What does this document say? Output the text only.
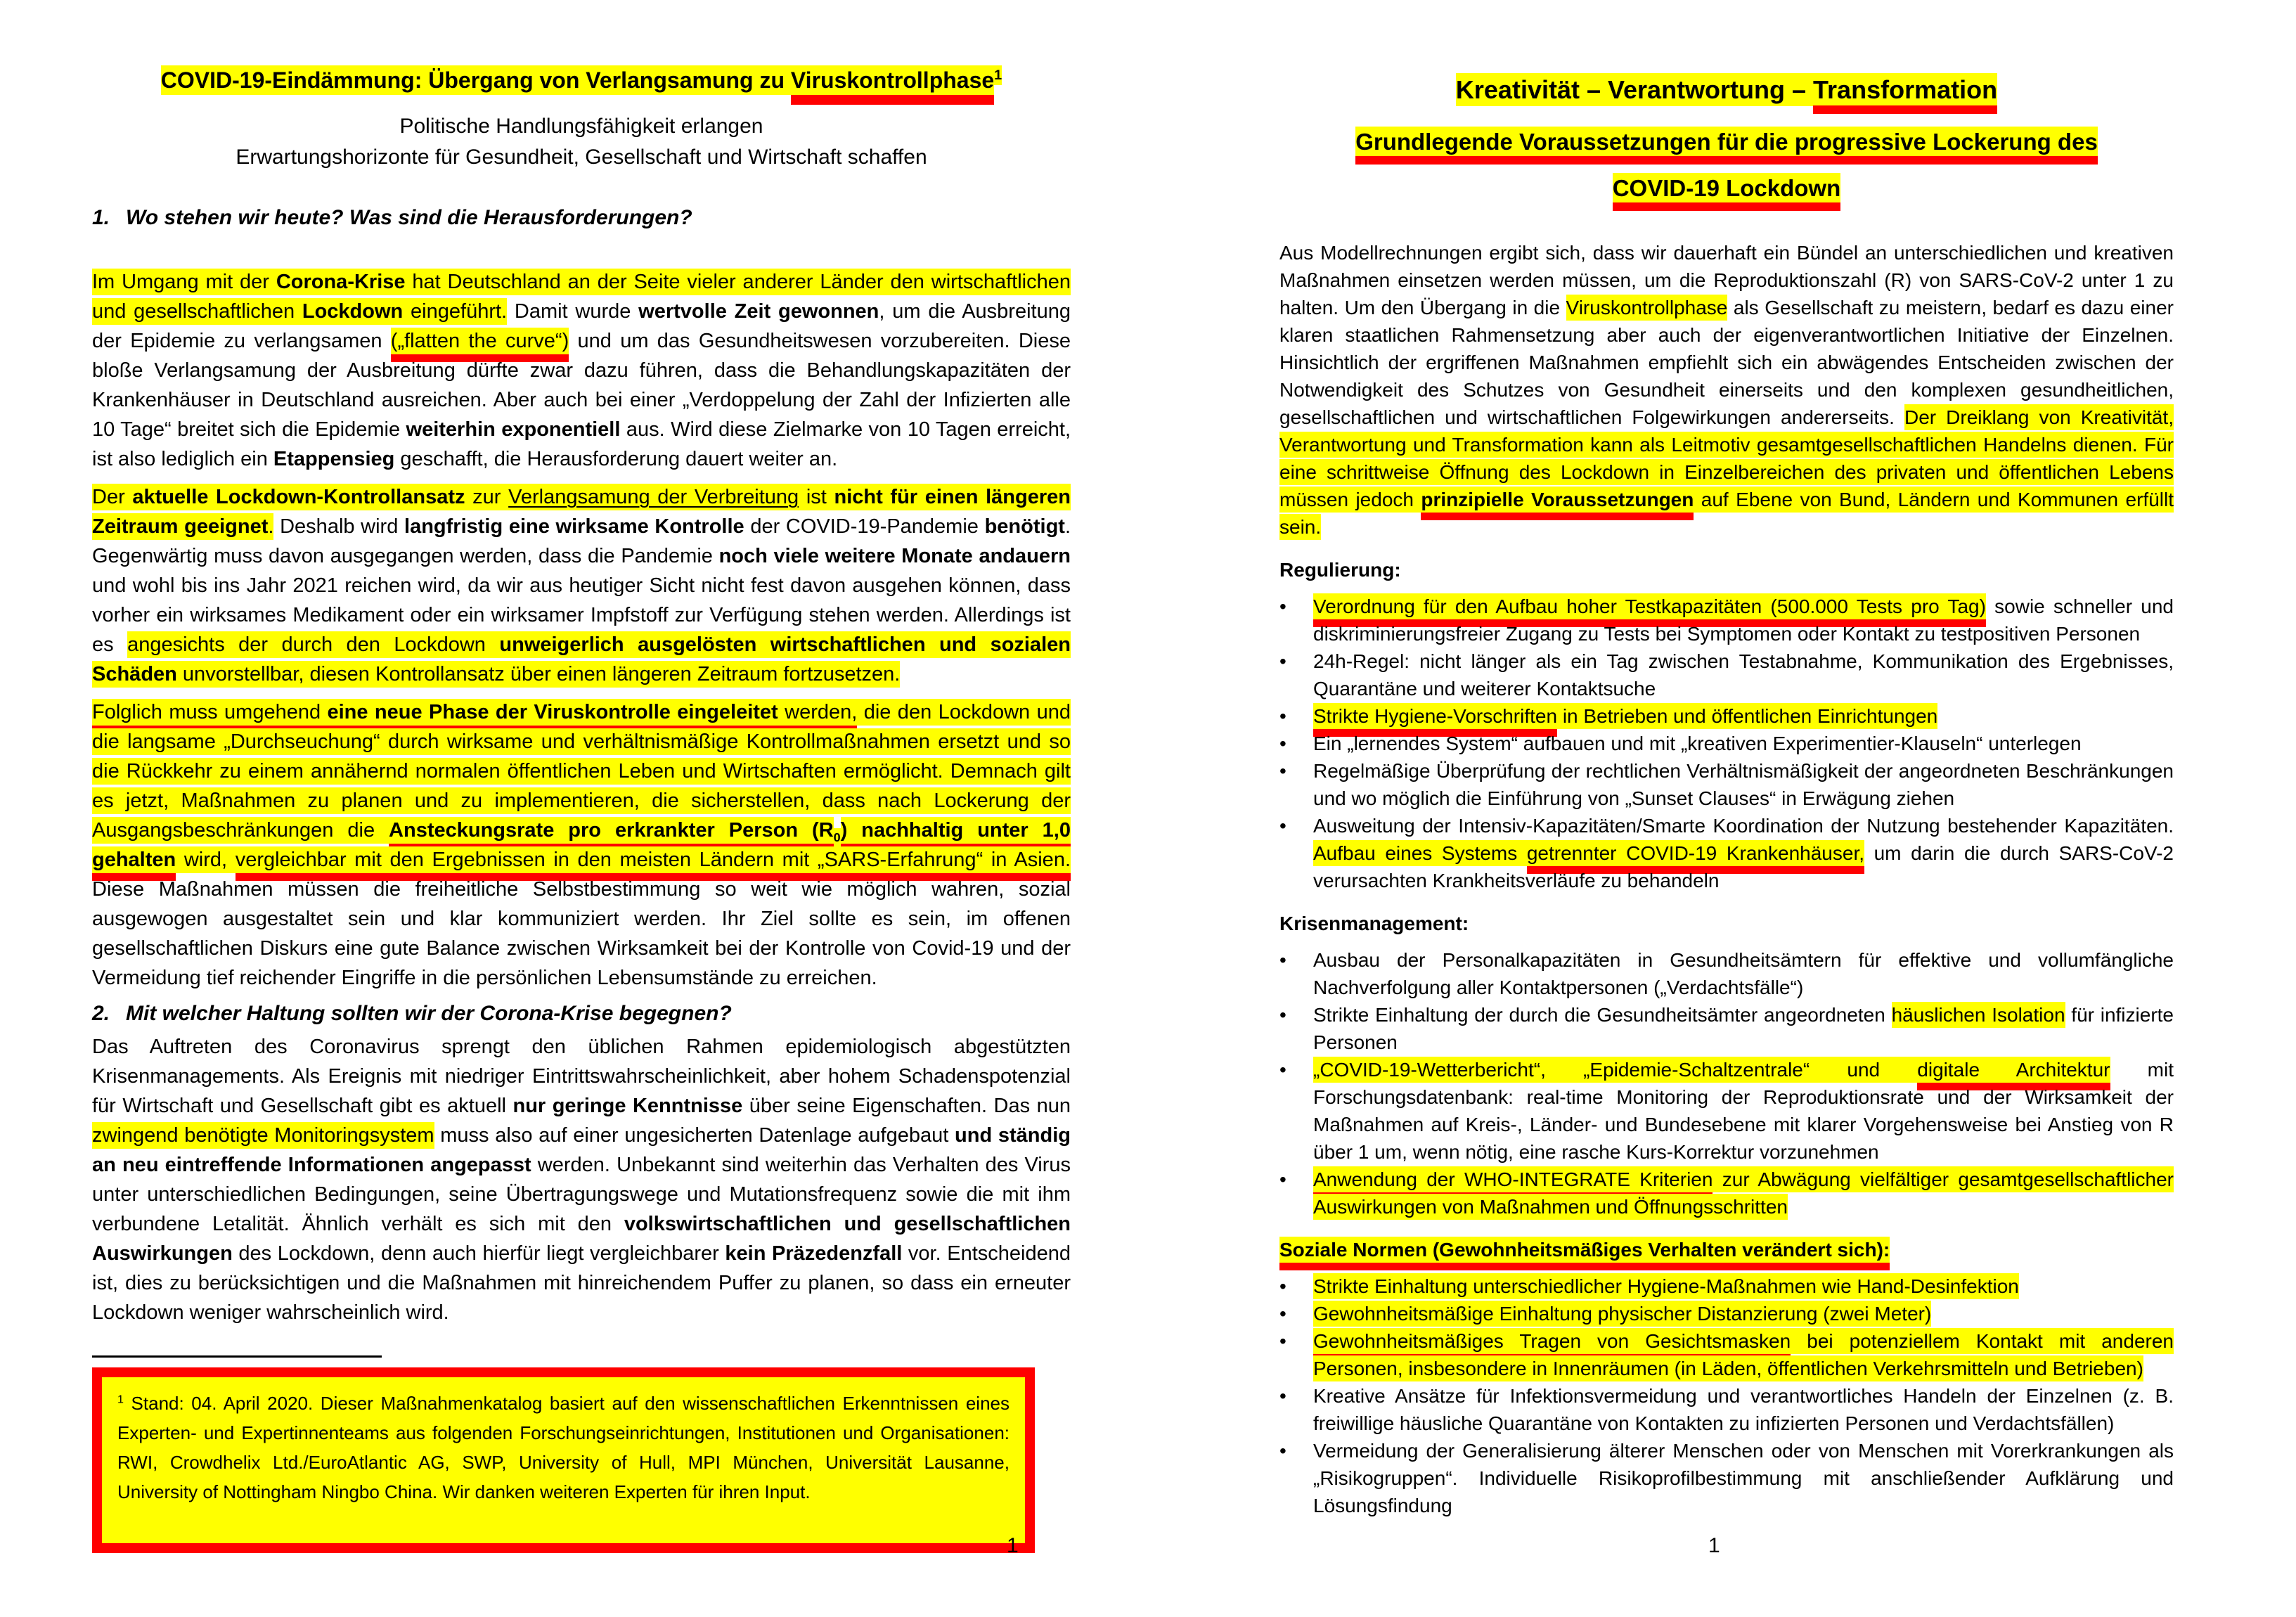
COVID-19-Eindämmung: Übergang von Verlangsamung zu Viruskontrollphase$^1$
Politische Handlungsfähigkeit erlangen
Erwartungshorizonte für Gesundheit, Gesellschaft und Wirtschaft schaffen
1. Wo stehen wir heute? Was sind die Herausforderungen?

Im Umgang mit der Corona-Krise hat Deutschland an der Seite vieler anderer Länder den wirtschaftlichen und gesellschaftlichen Lockdown eingeführt. Damit wurde wertvolle Zeit gewonnen, um die Ausbreitung der Epidemie zu verlangsamen („flatten the curve“) und um das Gesundheitswesen vorzubereiten. Diese bloße Verlangsamung der Ausbreitung dürfte zwar dazu führen, dass die Behandlungskapazitäten der Krankenhäuser in Deutschland ausreichen. Aber auch bei einer „Verdoppelung der Zahl der Infizierten alle 10 Tage“ breitet sich die Epidemie weiterhin exponentiell aus. Wird diese Zielmarke von 10 Tagen erreicht, ist also lediglich ein Etappensieg geschafft, die Herausforderung dauert weiter an.

Der aktuelle Lockdown-Kontrollansatz zur Verlangsamung der Verbreitung ist nicht für einen längeren Zeitraum geeignet. Deshalb wird langfristig eine wirksame Kontrolle der COVID-19-Pandemie benötigt. Gegenwärtig muss davon ausgegangen werden, dass die Pandemie noch viele weitere Monate andauern und wohl bis ins Jahr 2021 reichen wird, da wir aus heutiger Sicht nicht fest davon ausgehen können, dass vorher ein wirksames Medikament oder ein wirksamer Impfstoff zur Verfügung stehen werden. Allerdings ist es angesichts der durch den Lockdown unweigerlich ausgelösten wirtschaftlichen und sozialen Schäden unvorstellbar, diesen Kontrollansatz über einen längeren Zeitraum fortzusetzen.

Folglich muss umgehend eine neue Phase der Viruskontrolle eingeleitet werden, die den Lockdown und die langsame „Durchseuchung“ durch wirksame und verhältnismäßige Kontrollmaßnahmen ersetzt und so die Rückkehr zu einem annähernd normalen öffentlichen Leben und Wirtschaften ermöglicht. Demnach gilt es jetzt, Maßnahmen zu planen und zu implementieren, die sicherstellen, dass nach Lockerung der Ausgangsbeschränkungen die Ansteckungsrate pro erkrankter Person $(R_0)$ nachhaltig unter 1,0 gehalten wird, vergleichbar mit den Ergebnissen in den meisten Ländern mit „SARS-Erfahrung“ in Asien. Diese Maßnahmen müssen die freiheitliche Selbstbestimmung so weit wie möglich wahren, sozial ausgewogen ausgestaltet sein und klar kommuniziert werden. Ihr Ziel sollte es sein, im offenen gesellschaftlichen Diskurs eine gute Balance zwischen Wirksamkeit bei der Kontrolle von Covid-19 und der Vermeidung tief reichender Eingriffe in die persönlichen Lebensumstände zu erreichen.

2. Mit welcher Haltung sollten wir der Corona-Krise begegnen?

Das Auftreten des Coronavirus sprengt den üblichen Rahmen epidemiologisch abgestützten Krisenmanagements. Als Ereignis mit niedriger Eintrittswahrscheinlichkeit, aber hohem Schadenspotenzial für Wirtschaft und Gesellschaft gibt es aktuell nur geringe Kenntnisse über seine Eigenschaften. Das nun zwingend benötigte Monitoringsystem muss also auf einer ungesicherten Datenlage aufgebaut und ständig an neu eintreffende Informationen angepasst werden. Unbekannt sind weiterhin das Verhalten des Virus unter unterschiedlichen Bedingungen, seine Übertragungswege und Mutationsfrequenz sowie die mit ihm verbundene Letalität. Ähnlich verhält es sich mit den volkswirtschaftlichen und gesellschaftlichen Auswirkungen des Lockdown, denn auch hierfür liegt vergleichbarer kein Präzedenzfall vor. Entscheidend ist, dies zu berücksichtigen und die Maßnahmen mit hinreichendem Puffer zu planen, so dass ein erneuter Lockdown weniger wahrscheinlich wird.

$^1$ Stand: 04. April 2020. Dieser Maßnahmenkatalog basiert auf den wissenschaftlichen Erkenntnissen eines Experten- und Expertinnenteams aus folgenden Forschungseinrichtungen, Institutionen und Organisationen: RWI, Crowdhelix Ltd./EuroAtlantic AG, SWP, University of Hull, MPI München, Universität Lausanne, University of Nottingham Ningbo China. Wir danken weiteren Experten für ihren Input.
1
Kreativität – Verantwortung – Transformation
Grundlegende Voraussetzungen für die progressive Lockerung des
COVID-19 Lockdown

Aus Modellrechnungen ergibt sich, dass wir dauerhaft ein Bündel an unterschiedlichen und kreativen Maßnahmen einsetzen werden müssen, um die Reproduktionszahl (R) von SARS-CoV-2 unter 1 zu halten. Um den Übergang in die Viruskontrollphase als Gesellschaft zu meistern, bedarf es dazu einer klaren staatlichen Rahmensetzung aber auch der eigenverantwortlichen Initiative der Einzelnen. Hinsichtlich der ergriffenen Maßnahmen empfiehlt sich ein abwägendes Entscheiden zwischen der Notwendigkeit des Schutzes von Gesundheit einerseits und den komplexen gesundheitlichen, gesellschaftlichen und wirtschaftlichen Folgewirkungen andererseits. Der Dreiklang von Kreativität, Verantwortung und Transformation kann als Leitmotiv gesamtgesellschaftlichen Handelns dienen. Für eine schrittweise Öffnung des Lockdown in Einzelbereichen des privaten und öffentlichen Lebens müssen jedoch prinzipielle Voraussetzungen auf Ebene von Bund, Ländern und Kommunen erfüllt sein.

Regulierung:
•	Verordnung für den Aufbau hoher Testkapazitäten (500.000 Tests pro Tag) sowie schneller und diskriminierungsfreier Zugang zu Tests bei Symptomen oder Kontakt zu testpositiven Personen
•	24h-Regel: nicht länger als ein Tag zwischen Testabnahme, Kommunikation des Ergebnisses, Quarantäne und weiterer Kontaktsuche
•	Strikte Hygiene-Vorschriften in Betrieben und öffentlichen Einrichtungen
•	Ein „lernendes System“ aufbauen und mit „kreativen Experimentier-Klauseln“ unterlegen
•	Regelmäßige Überprüfung der rechtlichen Verhältnismäßigkeit der angeordneten Beschränkungen und wo möglich die Einführung von „Sunset Clauses“ in Erwägung ziehen
•	Ausweitung der Intensiv-Kapazitäten/Smarte Koordination der Nutzung bestehender Kapazitäten. Aufbau eines Systems getrennter COVID-19 Krankenhäuser, um darin die durch SARS-CoV-2 verursachten Krankheitsverläufe zu behandeln
Krisenmanagement:
•	Ausbau der Personalkapazitäten in Gesundheitsämtern für effektive und vollumfängliche Nachverfolgung aller Kontaktpersonen („Verdachtsfälle“)
•	Strikte Einhaltung der durch die Gesundheitsämter angeordneten häuslichen Isolation für infizierte Personen
•	„COVID-19-Wetterbericht“, „Epidemie-Schaltzentrale“ und digitale Architektur mit Forschungsdatenbank: real-time Monitoring der Reproduktionsrate und der Wirksamkeit der Maßnahmen auf Kreis-, Länder- und Bundesebene mit klarer Vorgehensweise bei Anstieg von R über 1 um, wenn nötig, eine rasche Kurs-Korrektur vorzunehmen
•	Anwendung der WHO-INTEGRATE Kriterien zur Abwägung vielfältiger gesamtgesellschaftlicher Auswirkungen von Maßnahmen und Öffnungsschritten
Soziale Normen (Gewohnheitsmäßiges Verhalten verändert sich):
•	Strikte Einhaltung unterschiedlicher Hygiene-Maßnahmen wie Hand-Desinfektion
•	Gewohnheitsmäßige Einhaltung physischer Distanzierung (zwei Meter)
•	Gewohnheitsmäßiges Tragen von Gesichtsmasken bei potenziellem Kontakt mit anderen Personen, insbesondere in Innenräumen (in Läden, öffentlichen Verkehrsmitteln und Betrieben)
•	Kreative Ansätze für Infektionsvermeidung und verantwortliches Handeln der Einzelnen (z. B. freiwillige häusliche Quarantäne von Kontakten zu infizierten Personen und Verdachtsfällen)
•	Vermeidung der Generalisierung älterer Menschen oder von Menschen mit Vorerkrankungen als „Risikogruppen“. Individuelle Risikoprofilbestimmung mit anschließender Aufklärung und Lösungsfindung
1
